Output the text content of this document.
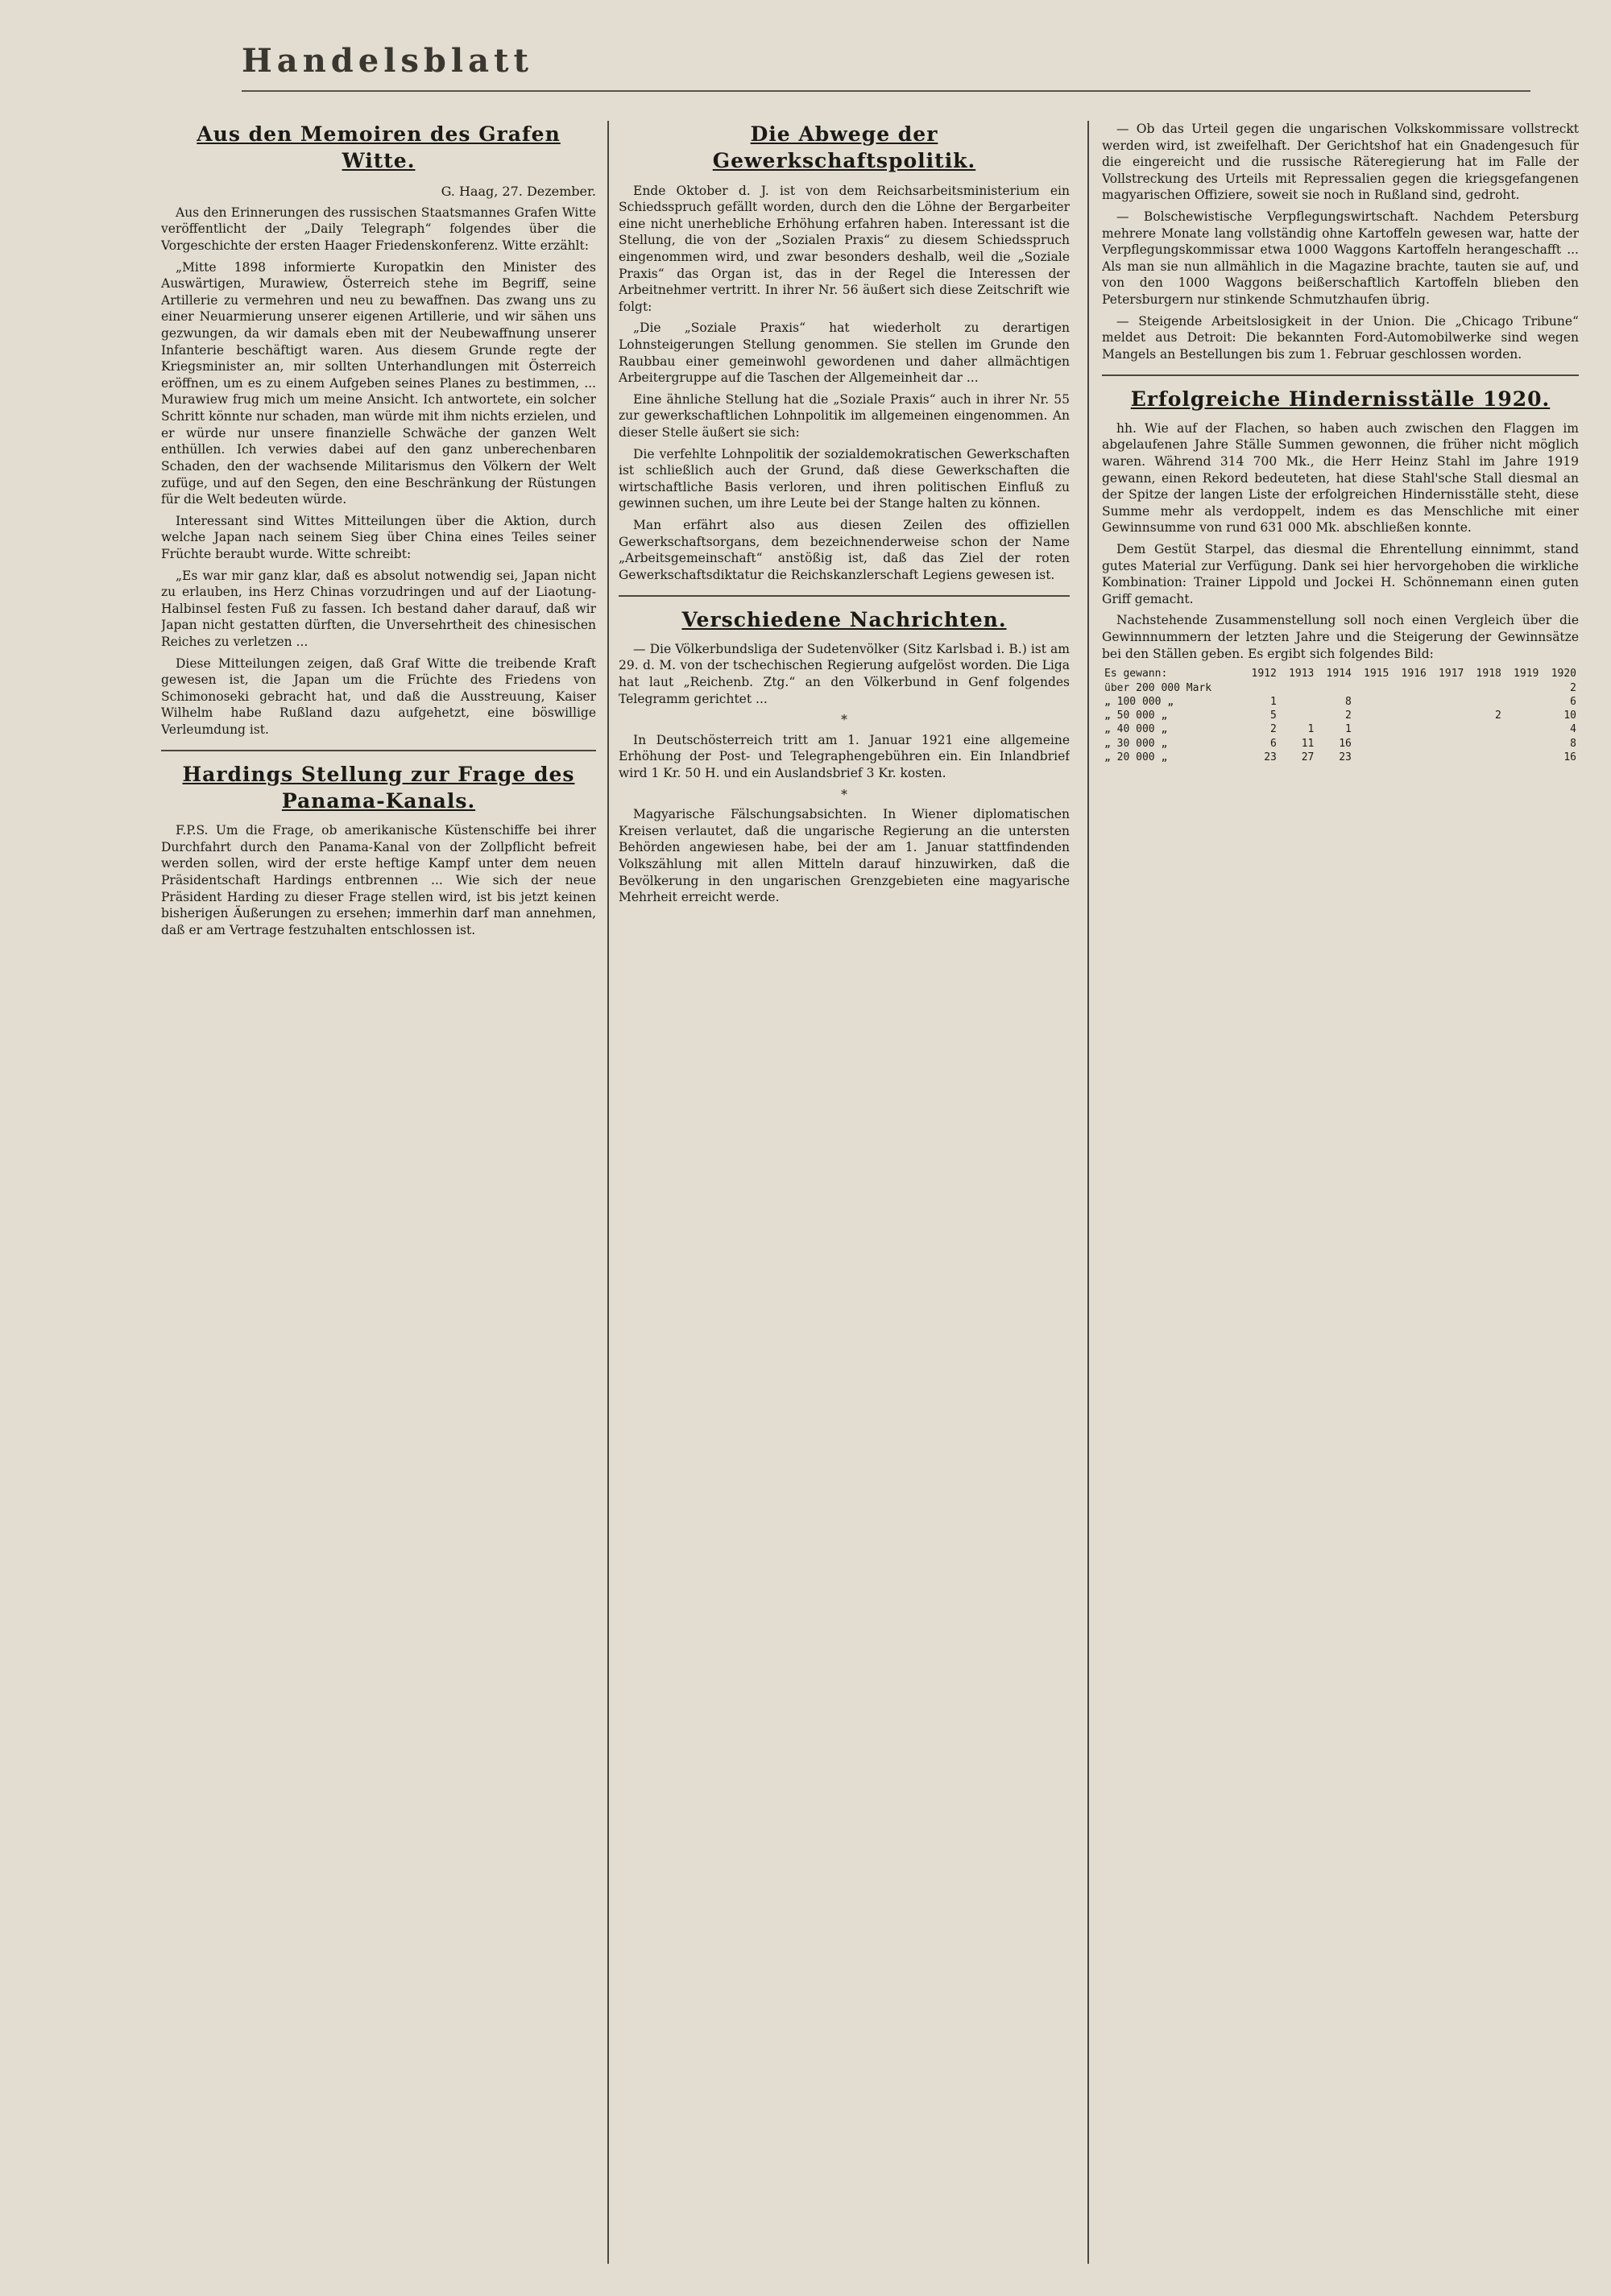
Handelsblatt
Aus den Memoiren des Grafen Witte.
G. Haag, 27. Dezember.

Aus den Erinnerungen des russischen Staatsmannes Grafen Witte veröffentlicht der „Daily Telegraph“ folgendes über die Vorgeschichte der ersten Haager Friedenskonferenz. Witte erzählt:

„Mitte 1898 informierte Kuropatkin den Minister des Auswärtigen, Murawiew, Österreich stehe im Begriff, seine Artillerie zu vermehren und neu zu bewaffnen. Das zwang uns zu einer Neuarmierung unserer eigenen Artillerie, und wir sähen uns gezwungen, da wir damals eben mit der Neubewaffnung unserer Infanterie beschäftigt waren. Aus diesem Grunde regte der Kriegsminister an, mir sollten Unterhandlungen mit Österreich eröffnen, um es zu einem Aufgeben seines Planes zu bestimmen, ... Murawiew frug mich um meine Ansicht. Ich antwortete, ein solcher Schritt könnte nur schaden, man würde mit ihm nichts erzielen, und er würde nur unsere finanzielle Schwäche der ganzen Welt enthüllen. Ich verwies dabei auf den ganz unberechenbaren Schaden, den der wachsende Militarismus den Völkern der Welt zufüge, und auf den Segen, den eine Beschränkung der Rüstungen für die Welt bedeuten würde.

Interessant sind Wittes Mitteilungen über die Aktion, durch welche Japan nach seinem Sieg über China eines Teiles seiner Früchte beraubt wurde. Witte schreibt:

„Es war mir ganz klar, daß es absolut notwendig sei, Japan nicht zu erlauben, ins Herz Chinas vorzudringen und auf der Liaotung-Halbinsel festen Fuß zu fassen. Ich bestand daher darauf, daß wir Japan nicht gestatten dürften, die Unversehrtheit des chinesischen Reiches zu verletzen ...

Diese Mitteilungen zeigen, daß Graf Witte die treibende Kraft gewesen ist, die Japan um die Früchte des Friedens von Schimonoseki gebracht hat, und daß die Ausstreuung, Kaiser Wilhelm habe Rußland dazu aufgehetzt, eine böswillige Verleumdung ist.

Hardings Stellung zur Frage des Panama-Kanals.

F.P.S. Um die Frage, ob amerikanische Küstenschiffe bei ihrer Durchfahrt durch den Panama-Kanal von der Zollpflicht befreit werden sollen, wird der erste heftige Kampf unter dem neuen Präsidentschaft Hardings entbrennen ... Wie sich der neue Präsident Harding zu dieser Frage stellen wird, ist bis jetzt keinen bisherigen Äußerungen zu ersehen; immerhin darf man annehmen, daß er am Vertrage festzuhalten entschlossen ist.

Die Abwege der Gewerkschaftspolitik.

Ende Oktober d. J. ist von dem Reichsarbeitsministerium ein Schiedsspruch gefällt worden, durch den die Löhne der Bergarbeiter eine nicht unerhebliche Erhöhung erfahren haben. Interessant ist die Stellung, die von der „Sozialen Praxis“ zu diesem Schiedsspruch eingenommen wird, und zwar besonders deshalb, weil die „Soziale Praxis“ das Organ ist, das in der Regel die Interessen der Arbeitnehmer vertritt. In ihrer Nr. 56 äußert sich diese Zeitschrift wie folgt:

„Die „Soziale Praxis“ hat wiederholt zu derartigen Lohnsteigerungen Stellung genommen. Sie stellen im Grunde den Raubbau einer gemeinwohl gewordenen und daher allmächtigen Arbeitergruppe auf die Taschen der Allgemeinheit dar ...

Eine ähnliche Stellung hat die „Soziale Praxis“ auch in ihrer Nr. 55 zur gewerkschaftlichen Lohnpolitik im allgemeinen eingenommen. An dieser Stelle äußert sie sich:

Die verfehlte Lohnpolitik der sozialdemokratischen Gewerkschaften ist schließlich auch der Grund, daß diese Gewerkschaften die wirtschaftliche Basis verloren, und ihren politischen Einfluß zu gewinnen suchen, um ihre Leute bei der Stange halten zu können.

Man erfährt also aus diesen Zeilen des offiziellen Gewerkschaftsorgans, dem bezeichnenderweise schon der Name „Arbeitsgemeinschaft“ anstößig ist, daß das Ziel der roten Gewerkschaftsdiktatur die Reichskanzlerschaft Legiens gewesen ist.

Verschiedene Nachrichten.

— Die Völkerbundsliga der Sudetenvölker (Sitz Karlsbad i. B.) ist am 29. d. M. von der tschechischen Regierung aufgelöst worden. Die Liga hat laut „Reichenb. Ztg.“ an den Völkerbund in Genf folgendes Telegramm gerichtet ...

*

In Deutschösterreich tritt am 1. Januar 1921 eine allgemeine Erhöhung der Post- und Telegraphengebühren ein. Ein Inlandbrief wird 1 Kr. 50 H. und ein Auslandsbrief 3 Kr. kosten.

*

Magyarische Fälschungsabsichten. In Wiener diplomatischen Kreisen verlautet, daß die ungarische Regierung an die untersten Behörden angewiesen habe, bei der am 1. Januar stattfindenden Volkszählung mit allen Mitteln darauf hinzuwirken, daß die Bevölkerung in den ungarischen Grenzgebieten eine magyarische Mehrheit erreicht werde.

— Ob das Urteil gegen die ungarischen Volkskommissare vollstreckt werden wird, ist zweifelhaft. Der Gerichtshof hat ein Gnadengesuch für die eingereicht und die russische Räteregierung hat im Falle der Vollstreckung des Urteils mit Repressalien gegen die kriegsgefangenen magyarischen Offiziere, soweit sie noch in Rußland sind, gedroht.

— Bolschewistische Verpflegungswirtschaft. Nachdem Petersburg mehrere Monate lang vollständig ohne Kartoffeln gewesen war, hatte der Verpflegungskommissar etwa 1000 Waggons Kartoffeln herangeschafft ... Als man sie nun allmählich in die Magazine brachte, tauten sie auf, und von den 1000 Waggons beißerschaftlich Kartoffeln blieben den Petersburgern nur stinkende Schmutzhaufen übrig.

— Steigende Arbeitslosigkeit in der Union. Die „Chicago Tribune“ meldet aus Detroit: Die bekannten Ford-Automobilwerke sind wegen Mangels an Bestellungen bis zum 1. Februar geschlossen worden.

Erfolgreiche Hindernisställe 1920.

hh. Wie auf der Flachen, so haben auch zwischen den Flaggen im abgelaufenen Jahre Ställe Summen gewonnen, die früher nicht möglich waren. Während 314 700 Mk., die Herr Heinz Stahl im Jahre 1919 gewann, einen Rekord bedeuteten, hat diese Stahl'sche Stall diesmal an der Spitze der langen Liste der erfolgreichen Hindernisställe steht, diese Summe mehr als verdoppelt, indem es das Menschliche mit einer Gewinnsumme von rund 631 000 Mk. abschließen konnte.

Dem Gestüt Starpel, das diesmal die Ehrentellung einnimmt, stand gutes Material zur Verfügung. Dank sei hier hervorgehoben die wirkliche Kombination: Trainer Lippold und Jockei H. Schönnemann einen guten Griff gemacht.

Nachstehende Zusammenstellung soll noch einen Vergleich über die Gewinnnummern der letzten Jahre und die Steigerung der Gewinnsätze bei den Ställen geben. Es ergibt sich folgendes Bild:

Es gewann:	1912	1913	1914	1915	1916	1917	1918	1919	1920
über 200 000 Mark									2
„ 100 000 „	1		8						6
„ 50 000 „	5		2				2		10
„ 40 000 „	2	1	1						4
„ 30 000 „	6	11	16						8
„ 20 000 „	23	27	23						16
